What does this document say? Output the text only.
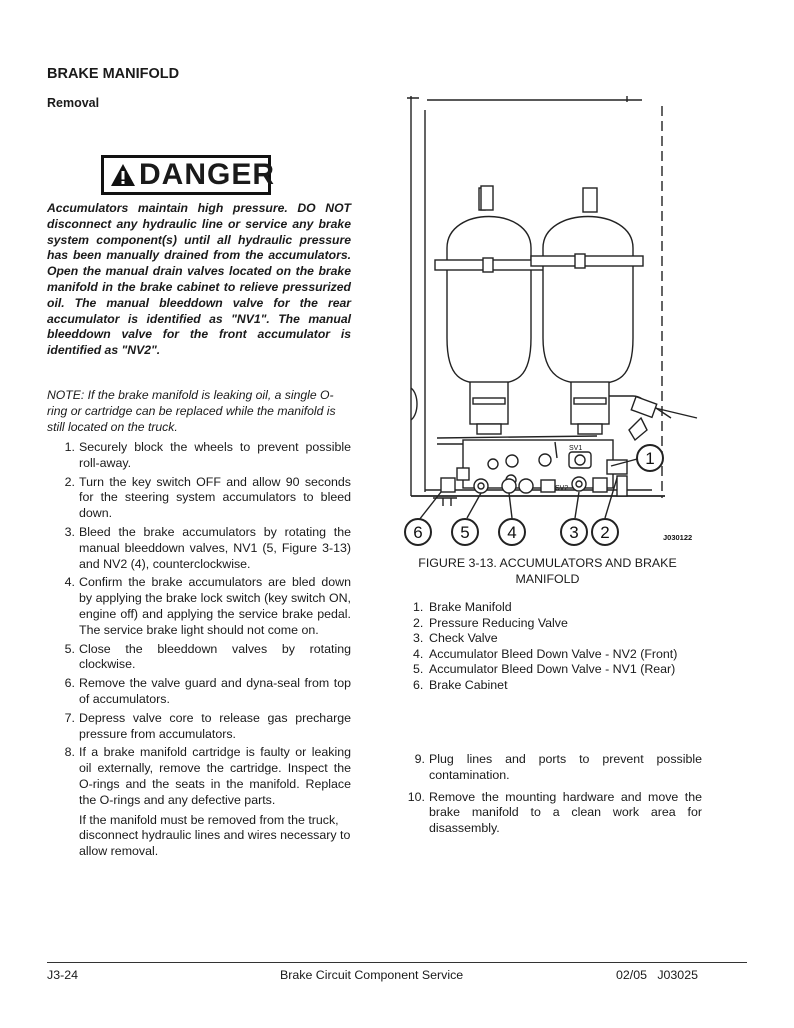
BRAKE MANIFOLD
Removal
DANGER
Accumulators maintain high pressure. DO NOT disconnect any hydraulic line or service any brake system component(s) until all hydraulic pressure has been manually drained from the accumulators. Open the manual drain valves located on the brake manifold in the brake cabinet to relieve pressurized oil. The manual bleeddown valve for the rear accumulator is identified as "NV1". The manual bleeddown valve for the front accumulator is identified as "NV2".
NOTE: If the brake manifold is leaking oil, a single O-ring or cartridge can be replaced while the manifold is still located on the truck.
1. Securely block the wheels to prevent possible roll-away.
2. Turn the key switch OFF and allow 90 seconds for the steering system accumulators to bleed down.
3. Bleed the brake accumulators by rotating the manual bleeddown valves, NV1 (5, Figure 3-13) and NV2 (4), counterclockwise.
4. Confirm the brake accumulators are bled down by applying the brake lock switch (key switch ON, engine off) and applying the service brake pedal. The service brake light should not come on.
5. Close the bleeddown valves by rotating clockwise.
6. Remove the valve guard and dyna-seal from top of accumulators.
7. Depress valve core to release gas precharge pressure from accumulators.
8. If a brake manifold cartridge is faulty or leaking oil externally, remove the cartridge. Inspect the O-rings and the seats in the manifold. Replace the O-rings and any defective parts.
If the manifold must be removed from the truck, disconnect hydraulic lines and wires necessary to allow removal.
1
2
3
4
5
6
SV1
SV2
J030122
FIGURE 3-13. ACCUMULATORS AND BRAKE MANIFOLD
1. Brake Manifold
2. Pressure Reducing Valve
3. Check Valve
4. Accumulator Bleed Down Valve - NV2 (Front)
5. Accumulator Bleed Down Valve - NV1 (Rear)
6. Brake Cabinet
9. Plug lines and ports to prevent possible contamination.
10. Remove the mounting hardware and move the brake manifold to a clean work area for disassembly.
J3-24	Brake Circuit Component Service	02/05   J03025
